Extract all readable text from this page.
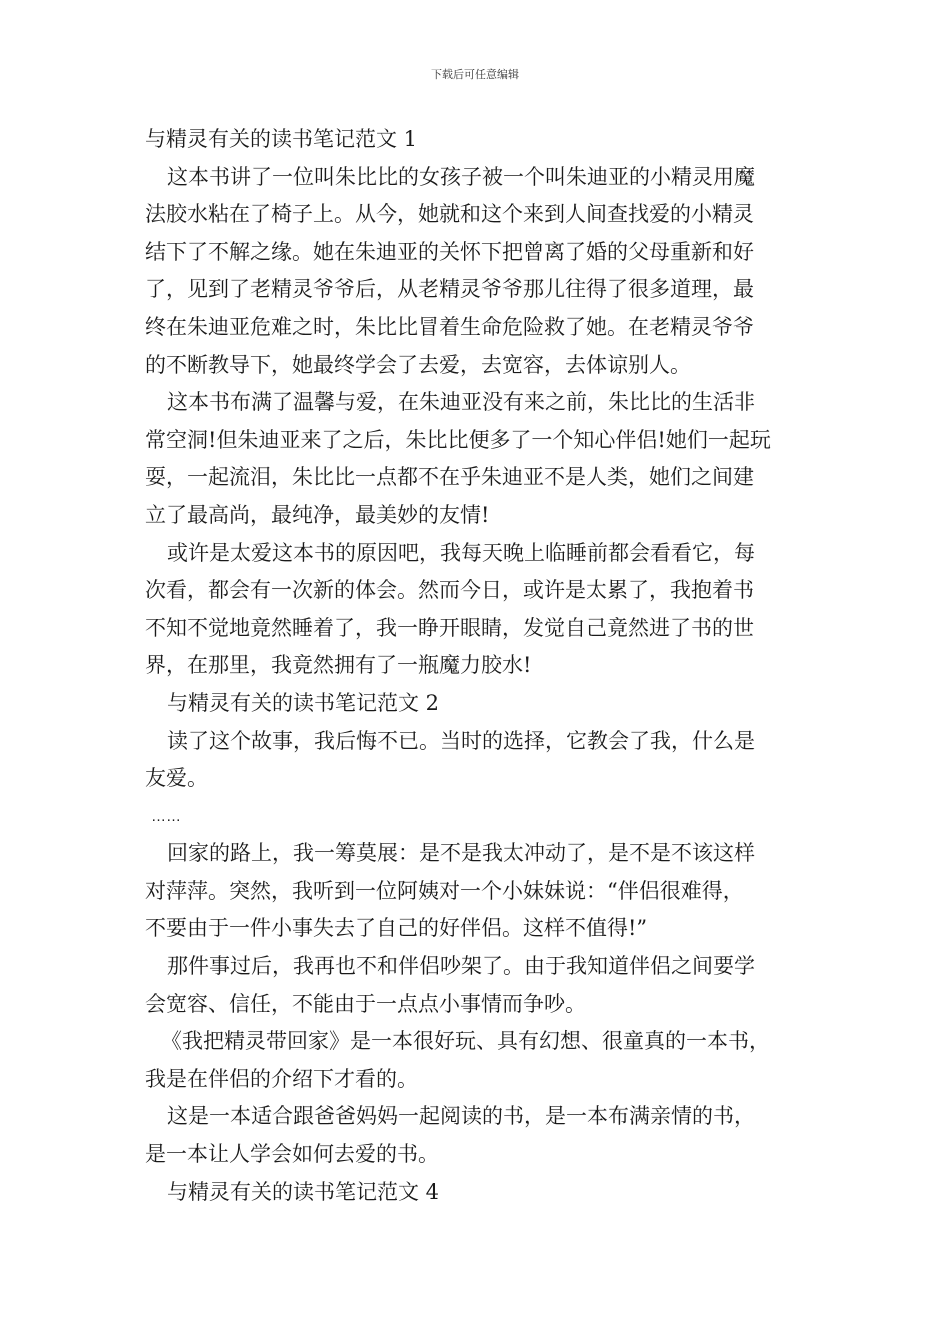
下载后可任意编辑
与精灵有关的读书笔记范文 1
这本书讲了一位叫朱比比的女孩子被一个叫朱迪亚的小精灵用魔
法胶水粘在了椅子上。从今，她就和这个来到人间查找爱的小精灵
结下了不解之缘。她在朱迪亚的关怀下把曾离了婚的父母重新和好
了，见到了老精灵爷爷后，从老精灵爷爷那儿往得了很多道理，最
终在朱迪亚危难之时，朱比比冒着生命危险救了她。在老精灵爷爷
的不断教导下，她最终学会了去爱，去宽容，去体谅别人。
这本书布满了温馨与爱，在朱迪亚没有来之前，朱比比的生活非
常空洞!但朱迪亚来了之后，朱比比便多了一个知心伴侣!她们一起玩
耍，一起流泪，朱比比一点都不在乎朱迪亚不是人类，她们之间建
立了最高尚，最纯净，最美妙的友情!
或许是太爱这本书的原因吧，我每天晚上临睡前都会看看它，每
次看，都会有一次新的体会。然而今日，或许是太累了，我抱着书
不知不觉地竟然睡着了，我一睁开眼睛，发觉自己竟然进了书的世
界，在那里，我竟然拥有了一瓶魔力胶水!
与精灵有关的读书笔记范文 2
读了这个故事，我后悔不已。当时的选择，它教会了我，什么是
友爱。
……
回家的路上，我一筹莫展：是不是我太冲动了，是不是不该这样
对萍萍。突然，我听到一位阿姨对一个小妹妹说：“伴侣很难得，
不要由于一件小事失去了自己的好伴侣。这样不值得!”
那件事过后，我再也不和伴侣吵架了。由于我知道伴侣之间要学
会宽容、信任，不能由于一点点小事情而争吵。
《我把精灵带回家》是一本很好玩、具有幻想、很童真的一本书，
我是在伴侣的介绍下才看的。
这是一本适合跟爸爸妈妈一起阅读的书，是一本布满亲情的书，
是一本让人学会如何去爱的书。
与精灵有关的读书笔记范文 4
